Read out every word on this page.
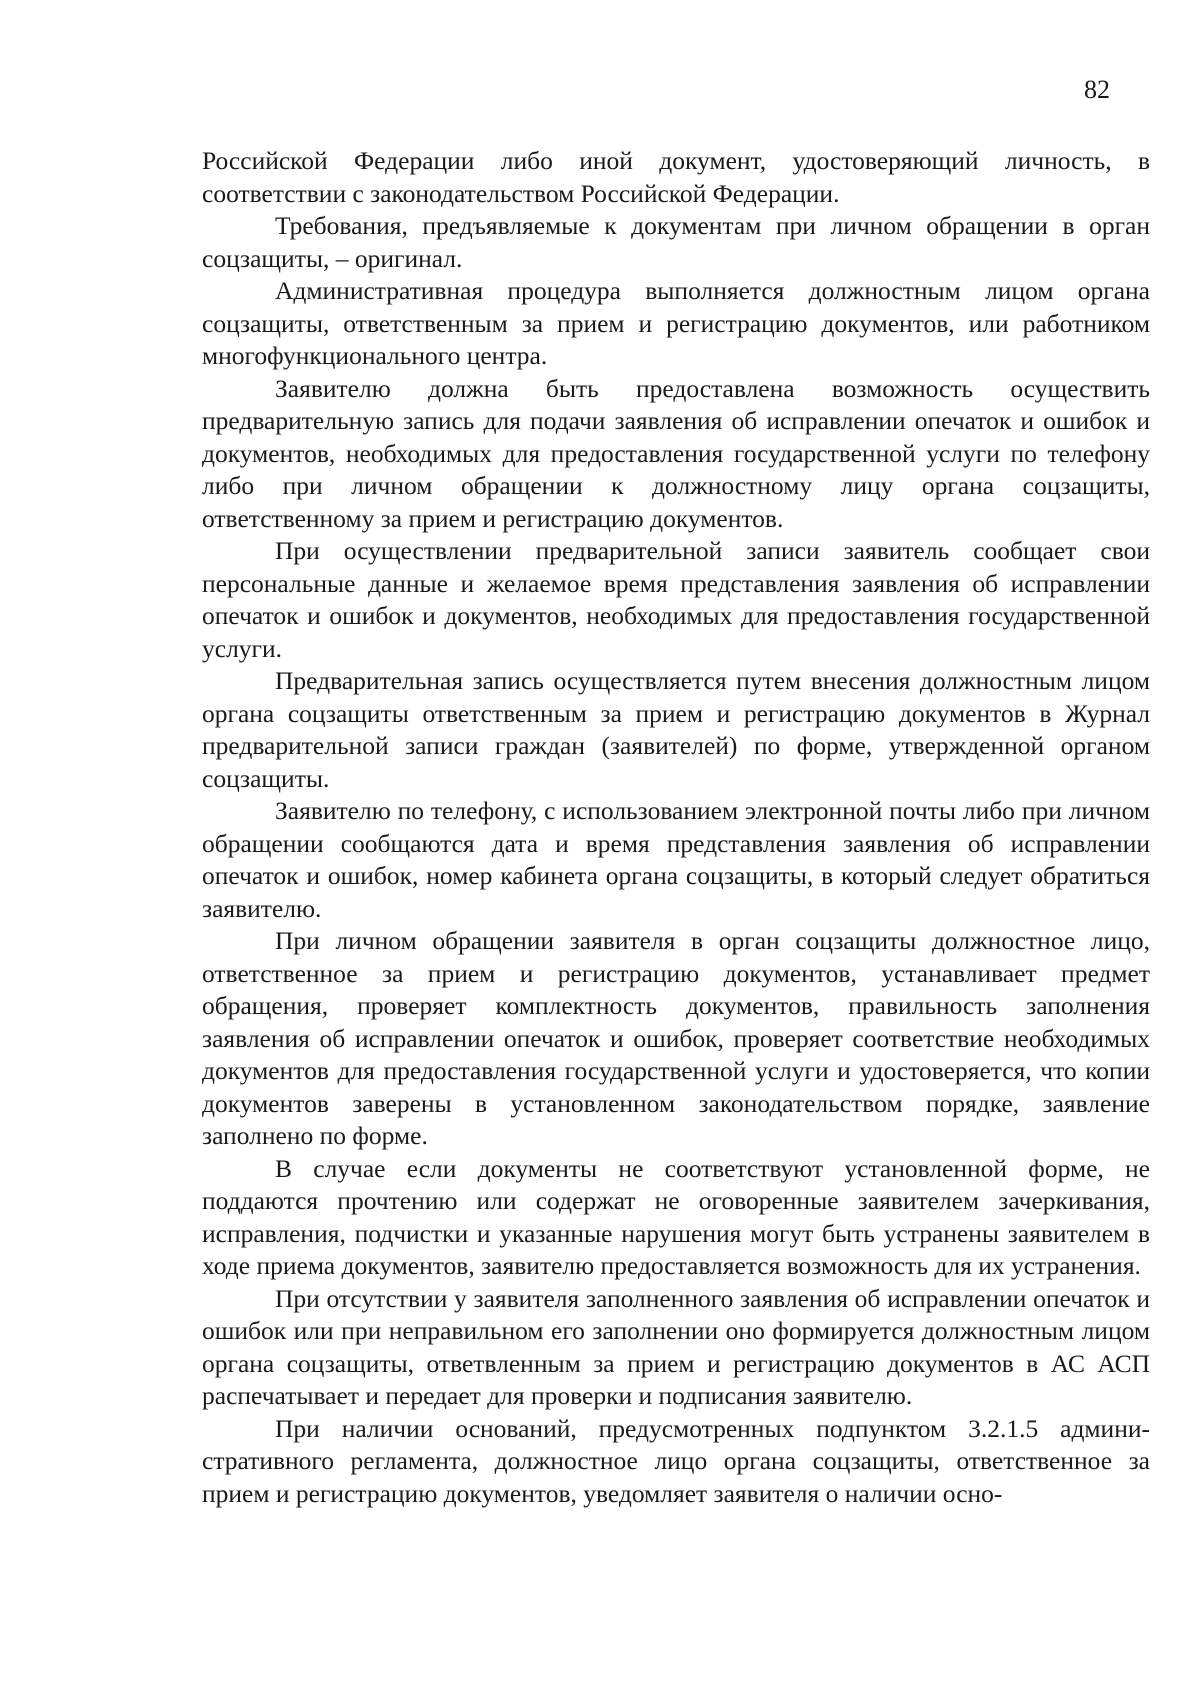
82

Российской Федерации либо иной документ, удостоверяющий личность, в соответствии с законодательством Российской Федерации.

Требования, предъявляемые к документам при личном обращении в орган соцзащиты, – оригинал.

Административная процедура выполняется должностным лицом органа соцзащиты, ответственным за прием и регистрацию документов, или работником многофункционального центра.

Заявителю должна быть предоставлена возможность осуществить предварительную запись для подачи заявления об исправлении опечаток и ошибок и документов, необходимых для предоставления государственной услуги по телефону либо при личном обращении к должностному лицу органа соцзащиты, ответственному за прием и регистрацию документов.

При осуществлении предварительной записи заявитель сообщает свои персональные данные и желаемое время представления заявления об исправлении опечаток и ошибок и документов, необходимых для предоставления государственной услуги.

Предварительная запись осуществляется путем внесения должностным лицом органа соцзащиты ответственным за прием и регистрацию документов в Журнал предварительной записи граждан (заявителей) по форме, утвержденной органом соцзащиты.

Заявителю по телефону, с использованием электронной почты либо при личном обращении сообщаются дата и время представления заявления об исправлении опечаток и ошибок, номер кабинета органа соцзащиты, в который следует обратиться заявителю.

При личном обращении заявителя в орган соцзащиты должностное лицо, ответственное за прием и регистрацию документов, устанавливает предмет обращения, проверяет комплектность документов, правильность заполнения заявления об исправлении опечаток и ошибок, проверяет соответствие необходимых документов для предоставления государственной услуги и удостоверяется, что копии документов заверены в установленном законодательством порядке, заявление заполнено по форме.

В случае если документы не соответствуют установленной форме, не поддаются прочтению или содержат не оговоренные заявителем зачеркивания, исправления, подчистки и указанные нарушения могут быть устранены заявителем в ходе приема документов, заявителю предоставляется возможность для их устранения.

При отсутствии у заявителя заполненного заявления об исправлении опечаток и ошибок или при неправильном его заполнении оно формируется должностным лицом органа соцзащиты, ответвленным за прием и регистрацию документов в АС АСП распечатывает и передает для проверки и подписания заявителю.

При наличии оснований, предусмотренных подпунктом 3.2.1.5 административного регламента, должностное лицо органа соцзащиты, ответственное за прием и регистрацию документов, уведомляет заявителя о наличии осно-
